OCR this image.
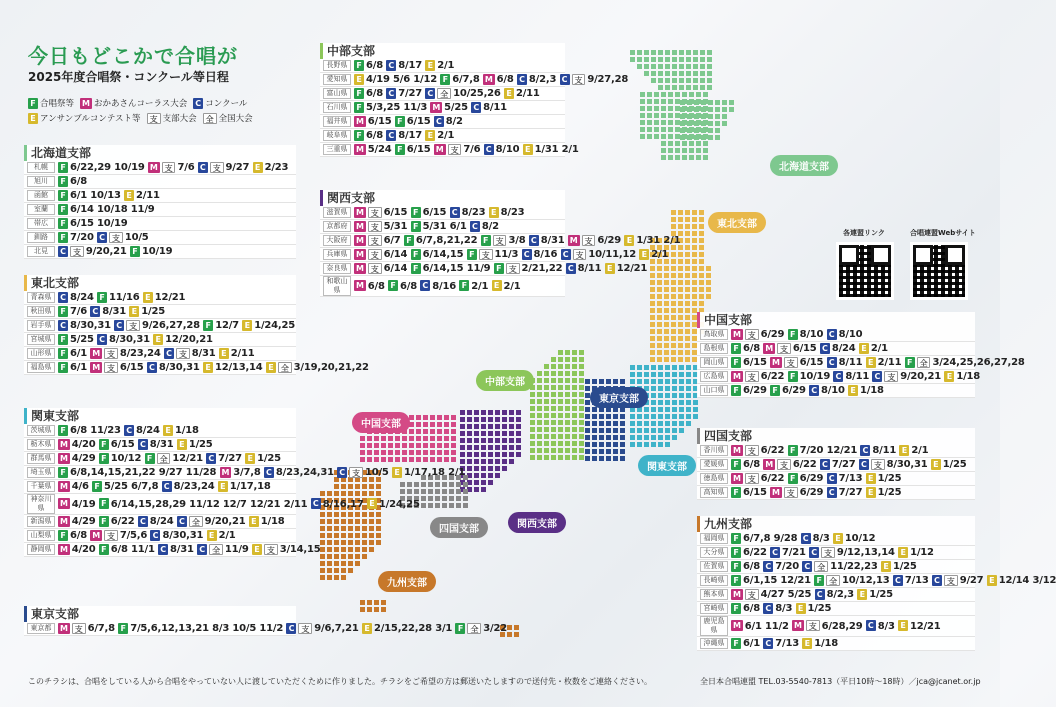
今日もどこかで合唱が
2025年度合唱祭・コンクール等日程
F 合唱祭等 M おかあさんコーラス大会 C コンクール
E アンサンブルコンテスト等 支 支部大会 全 全国大会
北海道支部
東北支部
中部支部
東京支部
関東支部
中国支部
四国支部	関西支部
九州支部
各連盟リンク	合唱連盟Webサイト
北海道支部
札幌	F 6/22,29 10/19 M 支 7/6 C 支 9/27 E 2/23
旭川	F 6/8
函館	F 6/1 10/13 E 2/11
室蘭	F 6/14 10/18 11/9
帯広	F 6/15 10/19
釧路	F 7/20 C 支 10/5
北見	C 支 9/20,21 F 10/19
東北支部
青森県	C 8/24 F 11/16 E 12/21
秋田県	F 7/6 C 8/31 E 1/25
岩手県	C 8/30,31 C 支 9/26,27,28 F 12/7 E 1/24,25
宮城県	F 5/25 C 8/30,31 E 12/20,21
山形県	F 6/1 M 支 8/23,24 C 支 8/31 E 2/11
福島県	F 6/1 M 支 6/15 C 8/30,31 E 12/13,14 E 全 3/19,20,21,22
関東支部
茨城県	F 6/8 11/23 C 8/24 E 1/18
栃木県	M 4/20 F 6/15 C 8/31 E 1/25
群馬県	M 4/29 F 10/12 F 全 12/21 C 7/27 E 1/25
埼玉県	F 6/8,14,15,21,22 9/27 11/28 M 3/7,8 C 8/23,24,31 C 支 10/5 E 1/17,18 2/1
千葉県	M 4/6 F 5/25 6/7,8 C 8/23,24 E 1/17,18
神奈川県	M 4/19 F 6/14,15,28,29 11/12 12/7 12/21 2/11 C 8/16,17 E 1/24,25
新潟県	M 4/29 F 6/22 C 8/24 C 全 9/20,21 E 1/18
山梨県	F 6/8 M 支 7/5,6 C 8/30,31 E 2/1
静岡県	M 4/20 F 6/8 11/1 C 8/31 C 全 11/9 E 支 3/14,15
東京支部
東京都	M 支 6/7,8 F 7/5,6,12,13,21 8/3 10/5 11/2 C 支 9/6,7,21 E 2/15,22,28 3/1 F 全 3/22
中部支部
長野県	F 6/8 C 8/17 E 2/1
愛知県	E 4/19 5/6 1/12 F 6/7,8 M 6/8 C 8/2,3 C 支 9/27,28
富山県	F 6/8 C 7/27 C 全 10/25,26 E 2/11
石川県	F 5/3,25 11/3 M 5/25 C 8/11
福井県	M 6/15 F 6/15 C 8/2
岐阜県	F 6/8 C 8/17 E 2/1
三重県	M 5/24 F 6/15 M 支 7/6 C 8/10 E 1/31 2/1
関西支部
滋賀県	M 支 6/15 F 6/15 C 8/23 E 8/23
京都府	M 支 5/31 F 5/31 6/1 C 8/2
大阪府	M 支 6/7 F 6/7,8,21,22 F 支 3/8 C 8/31 M 支 6/29 E 1/31 2/1
兵庫県	M 支 6/14 F 6/14,15 F 支 11/3 C 8/16 C 支 10/11,12 E 2/1
奈良県	M 支 6/14 F 6/14,15 11/9 F 支 2/21,22 C 8/11 E 12/21
和歌山県	M 6/8 F 6/8 C 8/16 F 2/1 E 2/1
中国支部
鳥取県	M 支 6/29 F 8/10 C 8/10
島根県	F 6/8 M 支 6/15 C 8/24 E 2/1
岡山県	F 6/15 M 支 6/15 C 8/11 E 2/11 F 全 3/24,25,26,27,28
広島県	M 支 6/22 F 10/19 C 8/11 C 支 9/20,21 E 1/18
山口県	F 6/29 F 6/29 C 8/10 E 1/18
四国支部
香川県	M 支 6/22 F 7/20 12/21 C 8/11 E 2/1
愛媛県	F 6/8 M 支 6/22 C 7/27 C 支 8/30,31 E 1/25
徳島県	M 支 6/22 F 6/29 C 7/13 E 1/25
高知県	F 6/15 M 支 6/29 C 7/27 E 1/25
九州支部
福岡県	F 6/7,8 9/28 C 8/3 E 10/12
大分県	F 6/22 C 7/21 C 支 9/12,13,14 E 1/12
佐賀県	F 6/8 C 7/20 C 全 11/22,23 E 1/25
長崎県	F 6/1,15 12/21 F 全 10/12,13 C 7/13 C 支 9/27 E 12/14 3/12
熊本県	M 支 4/27 5/25 C 8/2,3 E 1/25
宮崎県	F 6/8 C 8/3 E 1/25
鹿児島県	M 6/1 11/2 M 支 6/28,29 C 8/3 E 12/21
沖縄県	F 6/1 C 7/13 E 1/18
このチラシは、合唱をしている人から合唱をやっていない人に渡していただくために作りました。チラシをご希望の方は郵送いたしますので送付先・枚数をご連絡ください。	全日本合唱連盟 TEL.03-5540-7813（平日10時〜18時）／jca@jcanet.or.jp
